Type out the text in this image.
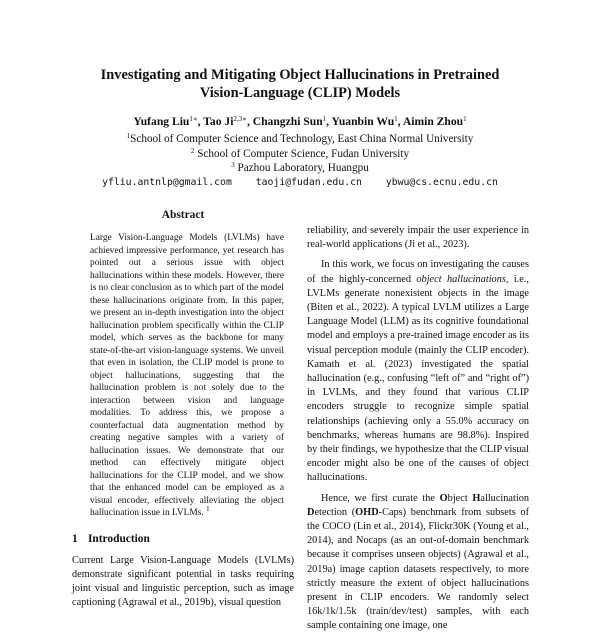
Investigating and Mitigating Object Hallucinations in Pretrained
Vision-Language (CLIP) Models
Yufang Liu$^{1∗}$, Tao $Ji^{2,3∗}$, Changzhi Sun$^1$, Yuanbin Wu$^1$, Aimin Zhou$^1$
$^1$School of Computer Science and Technology, East China Normal University
$^2$ School of Computer Science, Fudan University
$^3$ Pazhou Laboratory, Huangpu
yfliu.antnlp@gmail.com taoji@fudan.edu.cn ybwu@cs.ecnu.edu.cn
Abstract
Large Vision-Language Models (LVLMs) have achieved impressive performance, yet research has pointed out a serious issue with object hallucinations within these models. However, there is no clear conclusion as to which part of the model these hallucinations originate from. In this paper, we present an in-depth investigation into the object hallucination problem specifically within the CLIP model, which serves as the backbone for many state-of-the-art vision-language systems. We unveil that even in isolation, the CLIP model is prone to object hallucinations, suggesting that the hallucination problem is not solely due to the interaction between vision and language modalities. To address this, we propose a counterfactual data augmentation method by creating negative samples with a variety of hallucination issues. We demonstrate that our method can effectively mitigate object hallucinations for the CLIP model, and we show that the enhanced model can be employed as a visual encoder, effectively alleviating the object hallucination issue in LVLMs. $^1$
1 Introduction

Current Large Vision-Language Models (LVLMs) demonstrate significant potential in tasks requiring joint visual and linguistic perception, such as image captioning (Agrawal et al., 2019b), visual question

reliability, and severely impair the user experience in real-world applications (Ji et al., 2023).

In this work, we focus on investigating the causes of the highly-concerned object hallucinations, i.e., LVLMs generate nonexistent objects in the image (Biten et al., 2022). A typical LVLM utilizes a Large Language Model (LLM) as its cognitive foundational model and employs a pre-trained image encoder as its visual perception module (mainly the CLIP encoder). Kamath et al. (2023) investigated the spatial hallucination (e.g., confusing “left of” and “right of”) in LVLMs, and they found that various CLIP encoders struggle to recognize simple spatial relationships (achieving only a 55.0% accuracy on benchmarks, whereas humans are 98.8%). Inspired by their findings, we hypothesize that the CLIP visual encoder might also be one of the causes of object hallucinations.

Hence, we first curate the Object Hallucination Detection (OHD-Caps) benchmark from subsets of the COCO (Lin et al., 2014), Flickr30K (Young et al., 2014), and Nocaps (as an out-of-domain benchmark because it comprises unseen objects) (Agrawal et al., 2019a) image caption datasets respectively, to more strictly measure the extent of object hallucinations present in CLIP encoders. We randomly select 16k/1k/1.5k (train/dev/test) samples, with each sample containing one image, one
